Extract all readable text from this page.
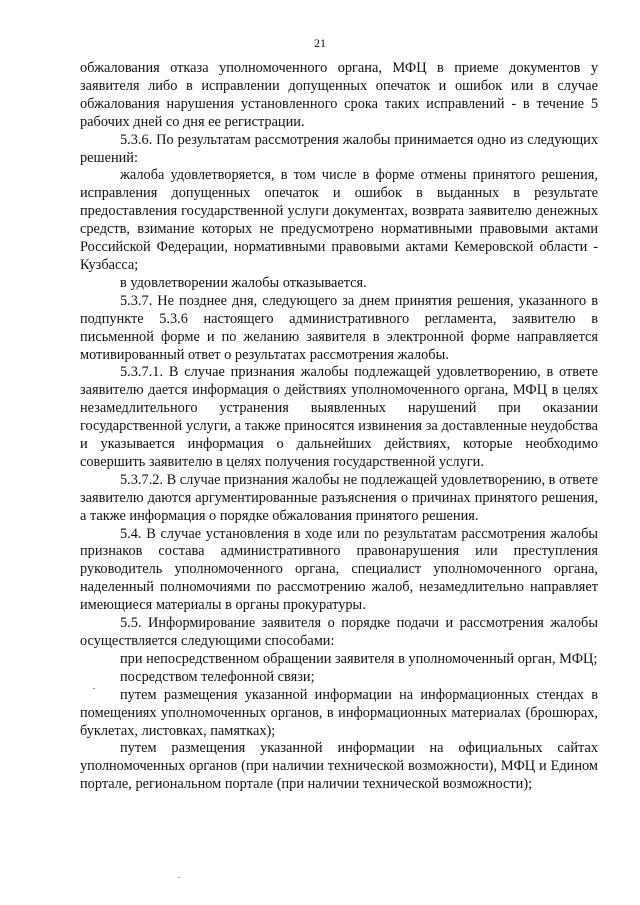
21

обжалования отказа уполномоченного органа, МФЦ в приеме документов у заявителя либо в исправлении допущенных опечаток и ошибок или в случае обжалования нарушения установленного срока таких исправлений - в течение 5 рабочих дней со дня ее регистрации.

5.3.6. По результатам рассмотрения жалобы принимается одно из следующих решений:

жалоба удовлетворяется, в том числе в форме отмены принятого решения, исправления допущенных опечаток и ошибок в выданных в результате предоставления государственной услуги документах, возврата заявителю денежных средств, взимание которых не предусмотрено нормативными правовыми актами Российской Федерации, нормативными правовыми актами Кемеровской области - Кузбасса;

в удовлетворении жалобы отказывается.

5.3.7. Не позднее дня, следующего за днем принятия решения, указанного в подпункте 5.3.6 настоящего административного регламента, заявителю в письменной форме и по желанию заявителя в электронной форме направляется мотивированный ответ о результатах рассмотрения жалобы.

5.3.7.1. В случае признания жалобы подлежащей удовлетворению, в ответе заявителю дается информация о действиях уполномоченного органа, МФЦ в целях незамедлительного устранения выявленных нарушений при оказании государственной услуги, а также приносятся извинения за доставленные неудобства и указывается информация о дальнейших действиях, которые необходимо совершить заявителю в целях получения государственной услуги.

5.3.7.2. В случае признания жалобы не подлежащей удовлетворению, в ответе заявителю даются аргументированные разъяснения о причинах принятого решения, а также информация о порядке обжалования принятого решения.

5.4. В случае установления в ходе или по результатам рассмотрения жалобы признаков состава административного правонарушения или преступления руководитель уполномоченного органа, специалист уполномоченного органа, наделенный полномочиями по рассмотрению жалоб, незамедлительно направляет имеющиеся материалы в органы прокуратуры.

5.5. Информирование заявителя о порядке подачи и рассмотрения жалобы осуществляется следующими способами:

при непосредственном обращении заявителя в уполномоченный орган, МФЦ;

посредством телефонной связи;

путем размещения указанной информации на информационных стендах в помещениях уполномоченных органов, в информационных материалах (брошюрах, буклетах, листовках, памятках);

путем размещения указанной информации на официальных сайтах уполномоченных органов (при наличии технической возможности), МФЦ и Едином портале, региональном портале (при наличии технической возможности);
